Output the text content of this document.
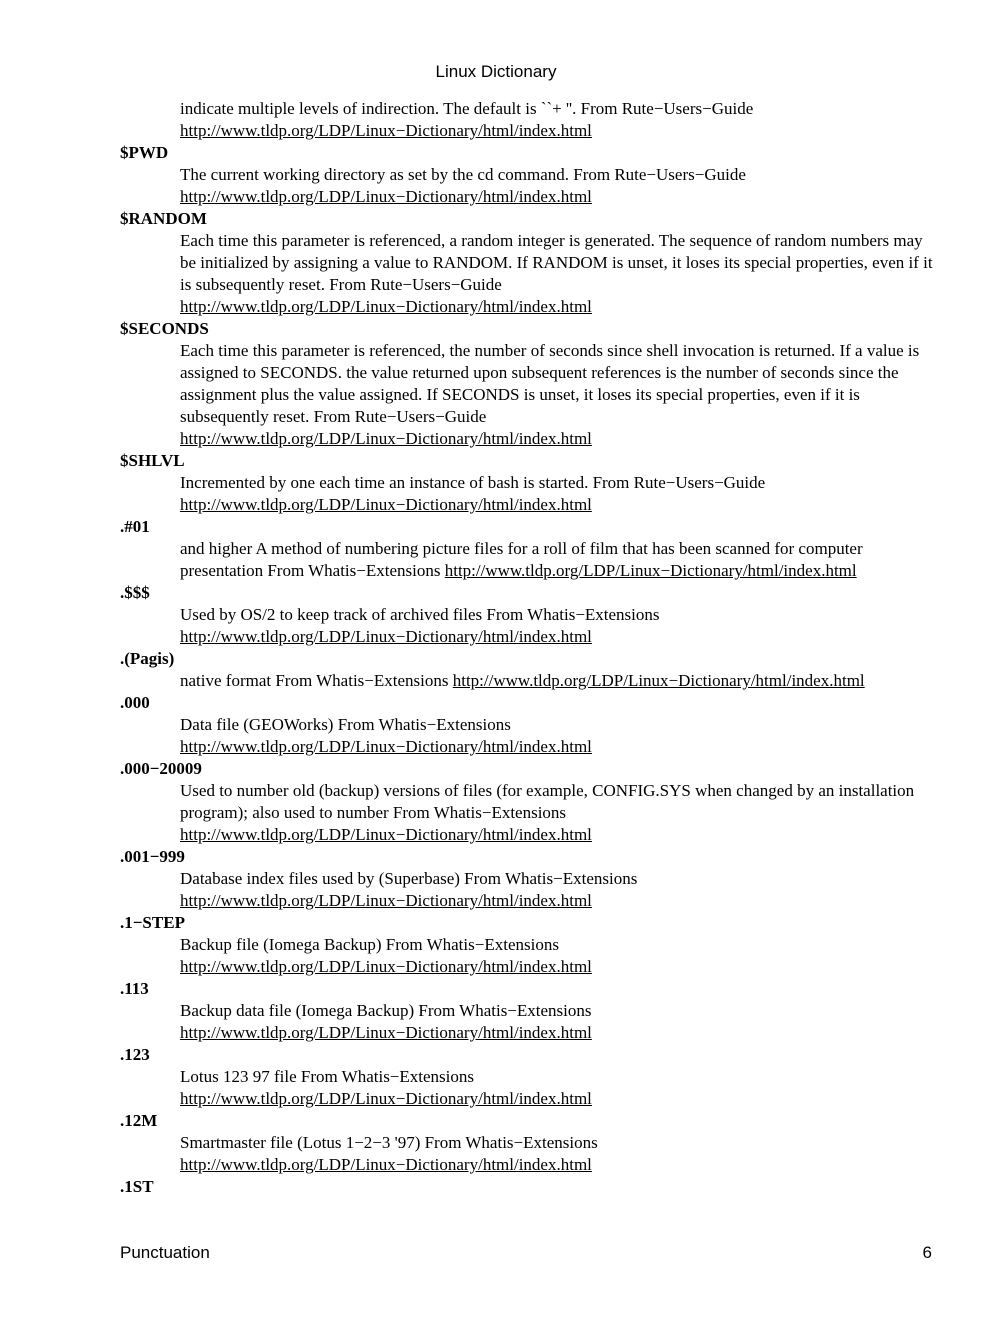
Linux Dictionary
indicate multiple levels of indirection. The default is ``+ ''. From Rute−Users−Guide
http://www.tldp.org/LDP/Linux−Dictionary/html/index.html
$PWD
The current working directory as set by the cd command. From Rute−Users−Guide
http://www.tldp.org/LDP/Linux−Dictionary/html/index.html
$RANDOM
Each time this parameter is referenced, a random integer is generated. The sequence of random numbers may be initialized by assigning a value to RANDOM. If RANDOM is unset, it loses its special properties, even if it is subsequently reset. From Rute−Users−Guide
http://www.tldp.org/LDP/Linux−Dictionary/html/index.html
$SECONDS
Each time this parameter is referenced, the number of seconds since shell invocation is returned. If a value is assigned to SECONDS. the value returned upon subsequent references is the number of seconds since the assignment plus the value assigned. If SECONDS is unset, it loses its special properties, even if it is subsequently reset. From Rute−Users−Guide
http://www.tldp.org/LDP/Linux−Dictionary/html/index.html
$SHLVL
Incremented by one each time an instance of bash is started. From Rute−Users−Guide
http://www.tldp.org/LDP/Linux−Dictionary/html/index.html
.#01
and higher A method of numbering picture files for a roll of film that has been scanned for computer presentation From Whatis−Extensions http://www.tldp.org/LDP/Linux−Dictionary/html/index.html
.$$$
Used by OS/2 to keep track of archived files From Whatis−Extensions
http://www.tldp.org/LDP/Linux−Dictionary/html/index.html
.(Pagis)
native format From Whatis−Extensions http://www.tldp.org/LDP/Linux−Dictionary/html/index.html
.000
Data file (GEOWorks) From Whatis−Extensions
http://www.tldp.org/LDP/Linux−Dictionary/html/index.html
.000−20009
Used to number old (backup) versions of files (for example, CONFIG.SYS when changed by an installation program); also used to number From Whatis−Extensions
http://www.tldp.org/LDP/Linux−Dictionary/html/index.html
.001−999
Database index files used by (Superbase) From Whatis−Extensions
http://www.tldp.org/LDP/Linux−Dictionary/html/index.html
.1−STEP
Backup file (Iomega Backup) From Whatis−Extensions
http://www.tldp.org/LDP/Linux−Dictionary/html/index.html
.113
Backup data file (Iomega Backup) From Whatis−Extensions
http://www.tldp.org/LDP/Linux−Dictionary/html/index.html
.123
Lotus 123 97 file From Whatis−Extensions
http://www.tldp.org/LDP/Linux−Dictionary/html/index.html
.12M
Smartmaster file (Lotus 1−2−3 '97) From Whatis−Extensions
http://www.tldp.org/LDP/Linux−Dictionary/html/index.html
.1ST
Punctuation	6
